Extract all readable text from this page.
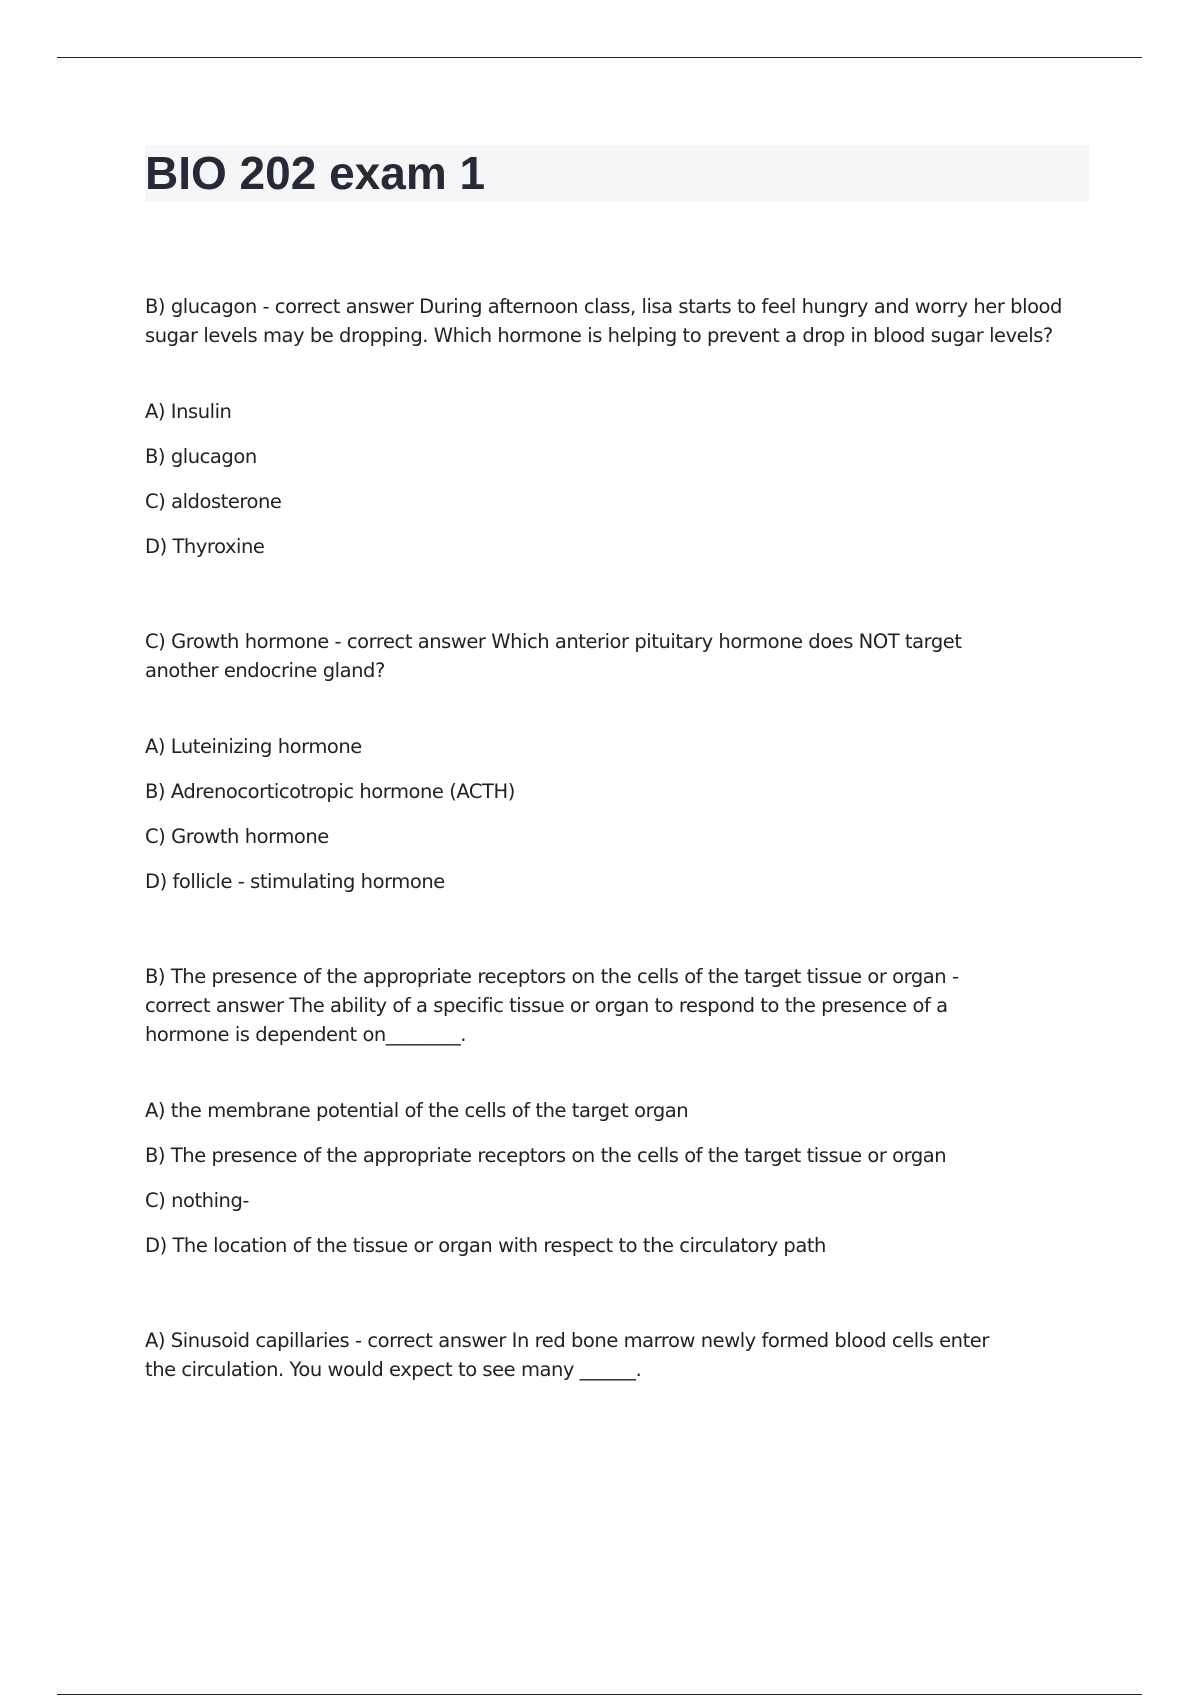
BIO 202 exam 1

B) glucagon - correct answer During afternoon class, lisa starts to feel hungry and worry her blood sugar levels may be dropping. Which hormone is helping to prevent a drop in blood sugar levels?

A) Insulin
B) glucagon
C) aldosterone
D) Thyroxine

C) Growth hormone - correct answer Which anterior pituitary hormone does NOT target another endocrine gland?

A) Luteinizing hormone
B) Adrenocorticotropic hormone (ACTH)
C) Growth hormone
D) follicle - stimulating hormone

B) The presence of the appropriate receptors on the cells of the target tissue or organ - correct answer The ability of a specific tissue or organ to respond to the presence of a hormone is dependent on________.

A) the membrane potential of the cells of the target organ
B) The presence of the appropriate receptors on the cells of the target tissue or organ
C) nothing-
D) The location of the tissue or organ with respect to the circulatory path

A) Sinusoid capillaries - correct answer In red bone marrow newly formed blood cells enter the circulation. You would expect to see many ______.
